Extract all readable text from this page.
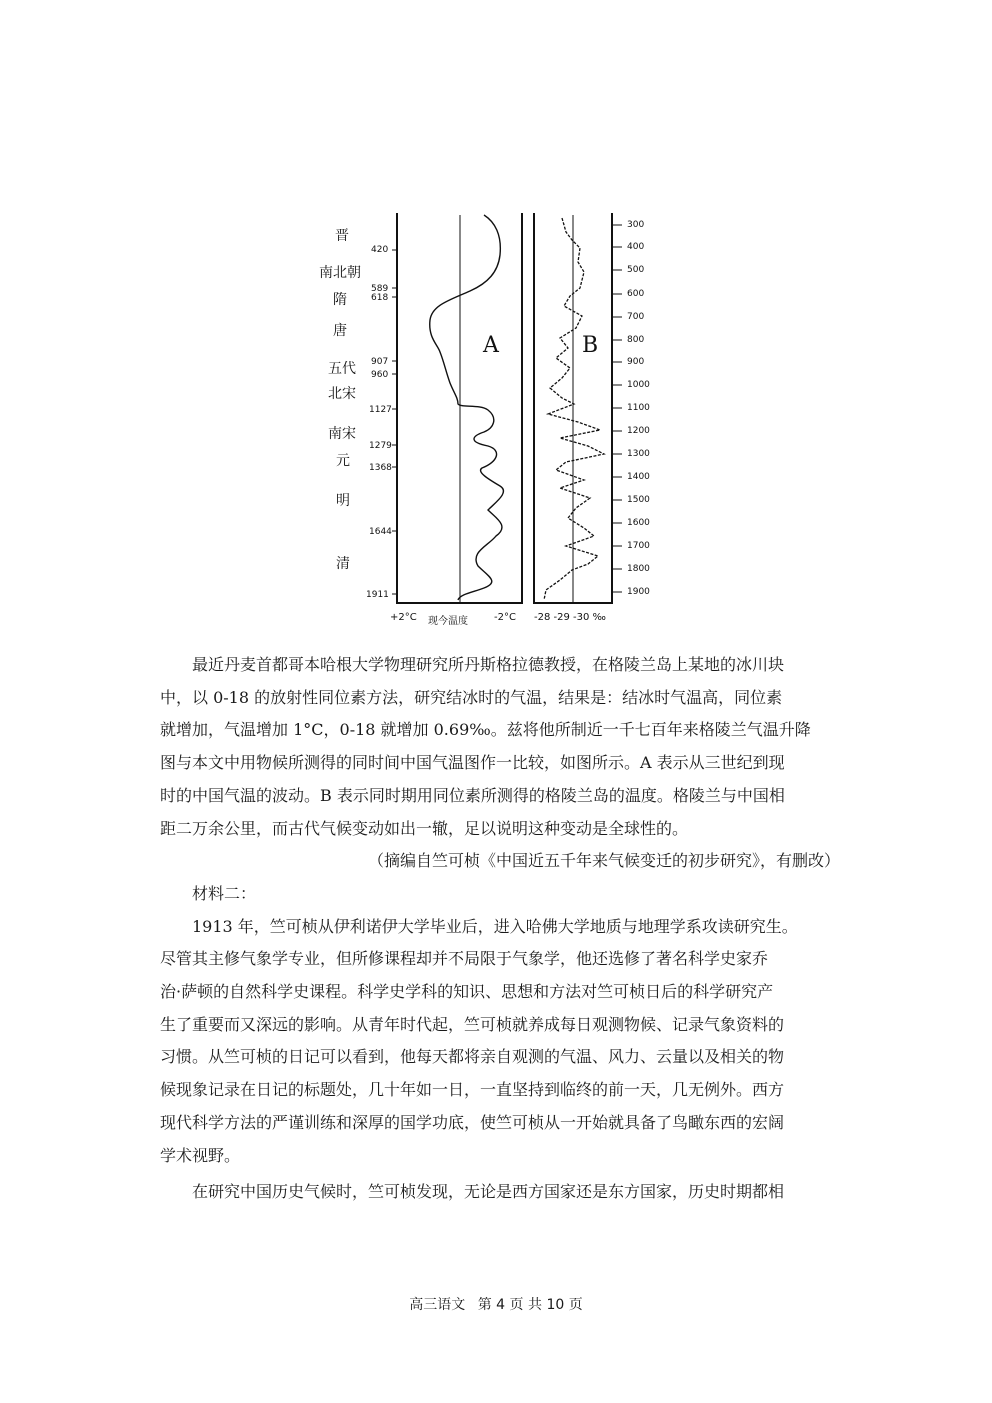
晋
南北朝
隋
唐
五代
北宋
南宋
元
明
清
420
589
618
907
960
1127
1279
1368
1644
1911
300
400
500
600
700
800
900
1000
1100
1200
1300
1400
1500
1600
1700
1800
1900
A	B
+2°C 现今温度	-2°C -28 -29 -30 ‰

最近丹麦首都哥本哈根大学物理研究所丹斯格拉德教授，在格陵兰岛上某地的冰川块

中，以 0-18 的放射性同位素方法，研究结冰时的气温，结果是：结冰时气温高，同位素

就增加，气温增加 1°C，0-18 就增加 0.69‰。兹将他所制近一千七百年来格陵兰气温升降

图与本文中用物候所测得的同时间中国气温图作一比较，如图所示。A 表示从三世纪到现

时的中国气温的波动。B 表示同时期用同位素所测得的格陵兰岛的温度。格陵兰与中国相

距二万余公里，而古代气候变动如出一辙，足以说明这种变动是全球性的。

（摘编自竺可桢《中国近五千年来气候变迁的初步研究》，有删改）

材料二：

1913 年，竺可桢从伊利诺伊大学毕业后，进入哈佛大学地质与地理学系攻读研究生。

尽管其主修气象学专业，但所修课程却并不局限于气象学，他还选修了著名科学史家乔

治·萨顿的自然科学史课程。科学史学科的知识、思想和方法对竺可桢日后的科学研究产

生了重要而又深远的影响。从青年时代起，竺可桢就养成每日观测物候、记录气象资料的

习惯。从竺可桢的日记可以看到，他每天都将亲自观测的气温、风力、云量以及相关的物

候现象记录在日记的标题处，几十年如一日，一直坚持到临终的前一天，几无例外。西方

现代科学方法的严谨训练和深厚的国学功底，使竺可桢从一开始就具备了鸟瞰东西的宏阔

学术视野。

在研究中国历史气候时，竺可桢发现，无论是西方国家还是东方国家，历史时期都相

高三语文 第 4 页 共 10 页
